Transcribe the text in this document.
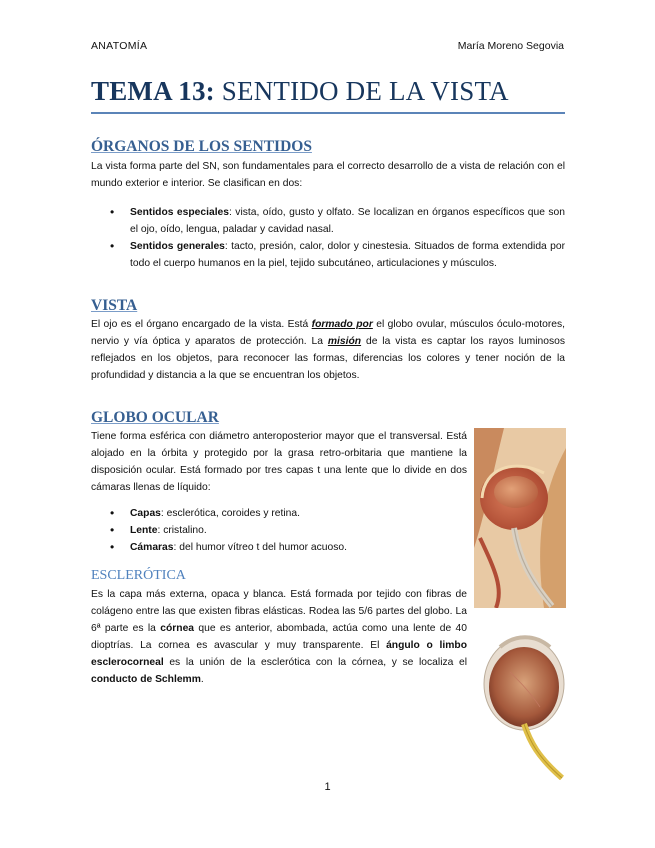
ANATOMÍA	María Moreno Segovia
TEMA 13: SENTIDO DE LA VISTA
ÓRGANOS DE LOS SENTIDOS
La vista forma parte del SN, son fundamentales para el correcto desarrollo de a vista de relación con el mundo exterior e interior. Se clasifican en dos:
• Sentidos especiales: vista, oído, gusto y olfato. Se localizan en órganos específicos que son el ojo, oído, lengua, paladar y cavidad nasal.
• Sentidos generales: tacto, presión, calor, dolor y cinestesia. Situados de forma extendida por todo el cuerpo humanos en la piel, tejido subcutáneo, articulaciones y músculos.
VISTA
El ojo es el órgano encargado de la vista. Está formado por el globo ovular, músculos óculo-motores, nervio y vía óptica y aparatos de protección. La misión de la vista es captar los rayos luminosos reflejados en los objetos, para reconocer las formas, diferencias los colores y tener noción de la profundidad y distancia a la que se encuentran los objetos.
GLOBO OCULAR
Tiene forma esférica con diámetro anteroposterior mayor que el transversal. Está alojado en la órbita y protegido por la grasa retro-orbitaria que mantiene la disposición ocular. Está formado por tres capas t una lente que lo divide en dos cámaras llenas de líquido:
• Capas: esclerótica, coroides y retina.
• Lente: cristalino.
• Cámaras: del humor vítreo t del humor acuoso.
ESCLERÓTICA
Es la capa más externa, opaca y blanca. Está formada por tejido con fibras de colágeno entre las que existen fibras elásticas. Rodea las 5/6 partes del globo. La 6ª parte es la córnea que es anterior, abombada, actúa como una lente de 40 dioptrías. La cornea es avascular y muy transparente. El ángulo o limbo esclerocorneal es la unión de la esclerótica con la córnea, y se localiza el conducto de Schlemm.
1
